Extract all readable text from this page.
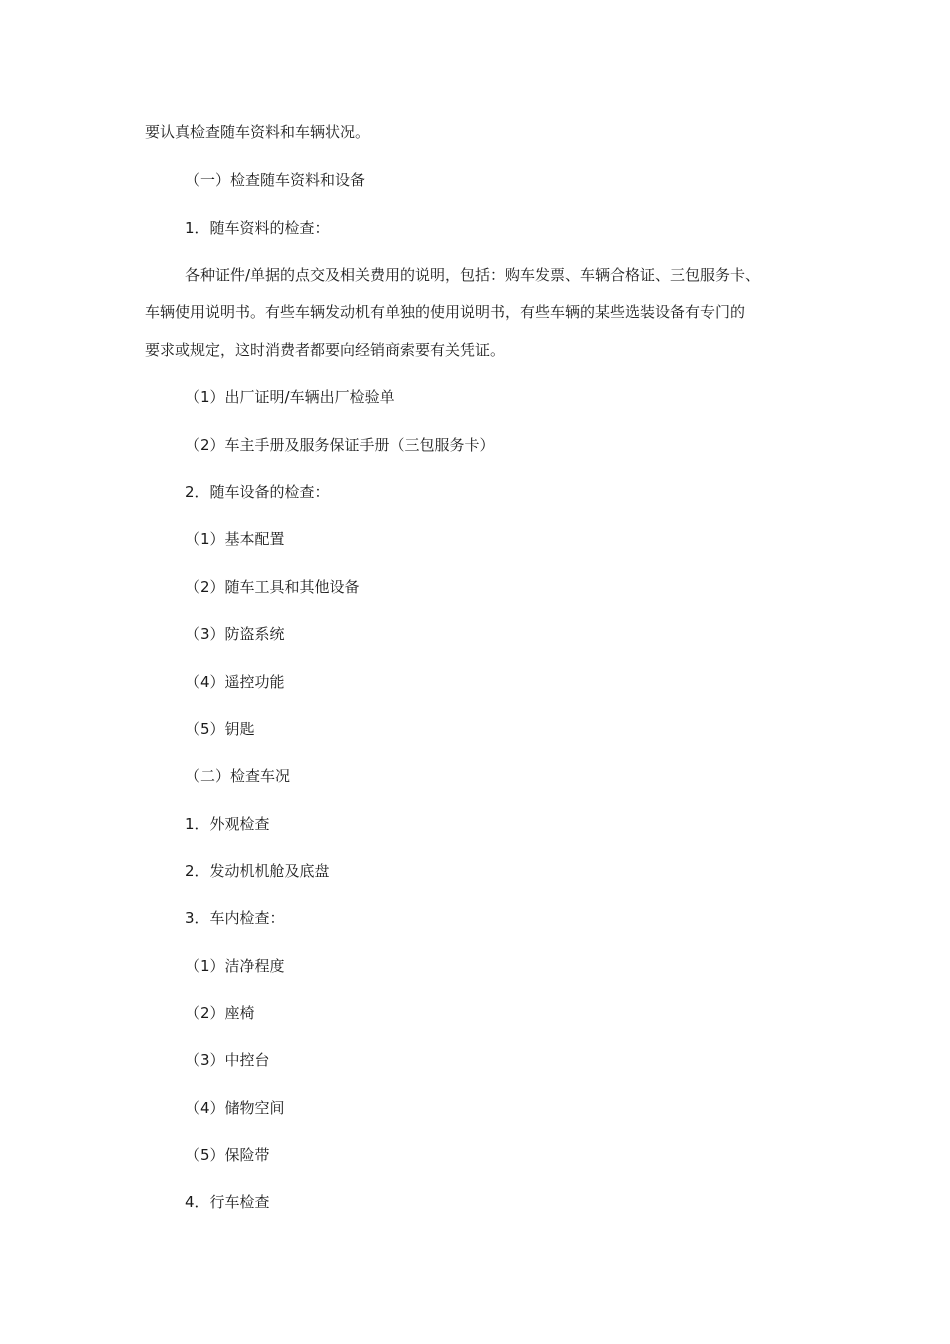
要认真检查随车资料和车辆状况。

（一）检查随车资料和设备

1．随车资料的检查：

各种证件/单据的点交及相关费用的说明，包括：购车发票、车辆合格证、三包服务卡、

车辆使用说明书。有些车辆发动机有单独的使用说明书，有些车辆的某些选装设备有专门的

要求或规定，这时消费者都要向经销商索要有关凭证。

（1）出厂证明/车辆出厂检验单

（2）车主手册及服务保证手册（三包服务卡）

2．随车设备的检查：

（1）基本配置

（2）随车工具和其他设备

（3）防盗系统

（4）遥控功能

（5）钥匙

（二）检查车况

1．外观检查

2．发动机机舱及底盘

3．车内检查：

（1）洁净程度

（2）座椅

（3）中控台

（4）储物空间

（5）保险带

4．行车检查
